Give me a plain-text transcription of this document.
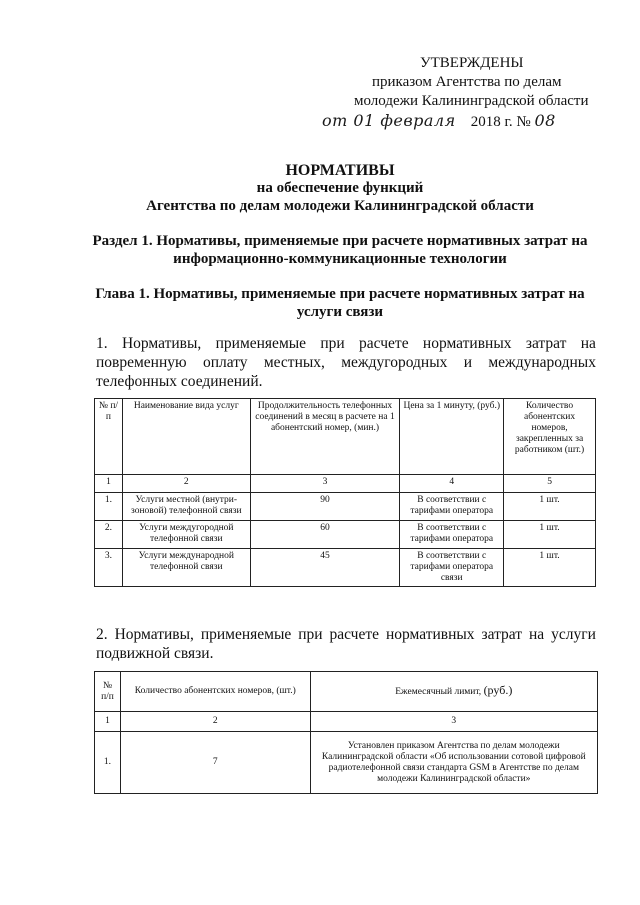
УТВЕРЖДЕНЫ
приказом Агентства по делам
молодежи Калининградской области
от 01 февраля 2018 г. № 08
НОРМАТИВЫ
на обеспечение функций
Агентства по делам молодежи Калининградской области
Раздел 1. Нормативы, применяемые при расчете нормативных затрат на
информационно-коммуникационные технологии
Глава 1. Нормативы, применяемые при расчете нормативных затрат на
услуги связи
1. Нормативы, применяемые при расчете нормативных затрат на
повременную оплату местных, междугородных и международных
телефонных соединений.
№ п/п	Наименование вида услуг	Продолжительность телефонных соединений в месяц в расчете на 1 абонентский номер, (мин.)	Цена за 1 минуту, (руб.)	Количество абонентских номеров, закрепленных за работником (шт.)
1	2	3	4	5
1.	Услуги местной (внутри-зоновой) телефонной связи	90	В соответствии с тарифами оператора	1 шт.
2.	Услуги междугородной телефонной связи	60	В соответствии с тарифами оператора	1 шт.
3.	Услуги международной телефонной связи	45	В соответствии с тарифами оператора связи	1 шт.
2. Нормативы, применяемые при расчете нормативных затрат на услуги
подвижной связи.
№ п/п	Количество абонентских номеров, (шт.)	Ежемесячный лимит, (руб.)
1	2	3
1.	7	Установлен приказом Агентства по делам молодежи Калининградской области «Об использовании сотовой цифровой радиотелефонной связи стандарта GSM в Агентстве по делам молодежи Калининградской области»
